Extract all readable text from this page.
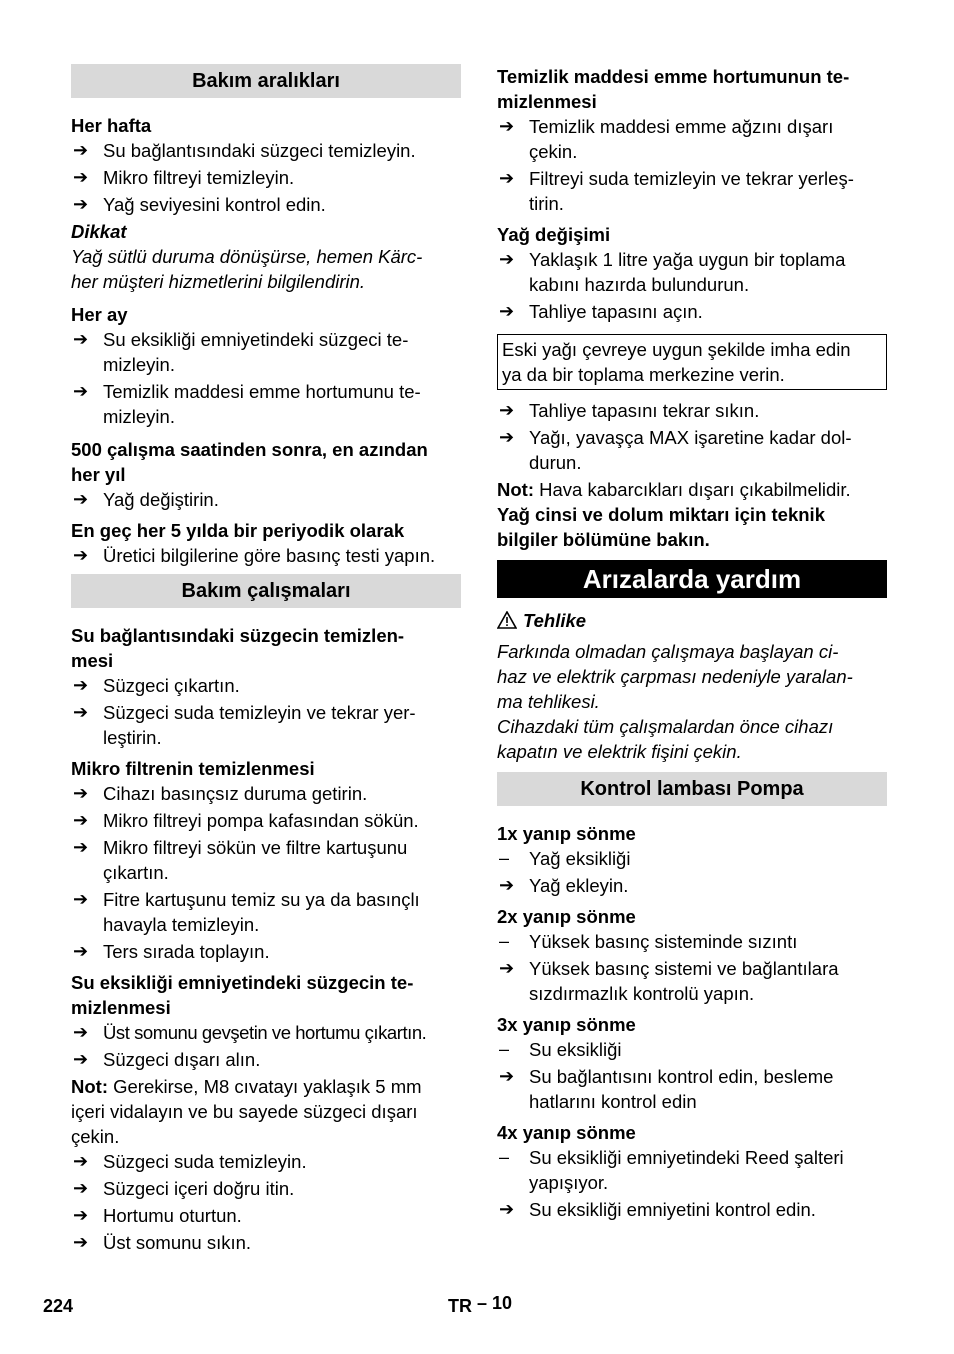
Bakım aralıkları
Her hafta
➔ Su bağlantısındaki süzgeci temizleyin.
➔ Mikro filtreyi temizleyin.
➔ Yağ seviyesini kontrol edin.

Dikkat

Yağ sütlü duruma dönüşürse, hemen Kärc-

her müşteri hizmetlerini bilgilendirin.

Her ay
➔ Su eksikliği emniyetindeki süzgeci te-
mizleyin.
➔ Temizlik maddesi emme hortumunu te-
mizleyin.
500 çalışma saatinden sonra, en azından
her yıl
➔ Yağ değiştirin.
En geç her 5 yılda bir periyodik olarak
➔ Üretici bilgilerine göre basınç testi yapın.
Bakım çalışmaları
Su bağlantısındaki süzgecin temizlen-
mesi
➔ Süzgeci çıkartın.
➔ Süzgeci suda temizleyin ve tekrar yer-
leştirin.
Mikro filtrenin temizlenmesi
➔ Cihazı basınçsız duruma getirin.
➔ Mikro filtreyi pompa kafasından sökün.
➔ Mikro filtreyi sökün ve filtre kartuşunu
çıkartın.
➔ Fitre kartuşunu temiz su ya da basınçlı
havayla temizleyin.
➔ Ters sırada toplayın.
Su eksikliği emniyetindeki süzgecin te-
mizlenmesi
➔ Üst somunu gevşetin ve hortumu çıkartın.
➔ Süzgeci dışarı alın.

Not: Gerekirse, M8 cıvatayı yaklaşık 5 mm
içeri vidalayın ve bu sayede süzgeci dışarı
çekin.

➔ Süzgeci suda temizleyin.
➔ Süzgeci içeri doğru itin.
➔ Hortumu oturtun.
➔ Üst somunu sıkın.
Temizlik maddesi emme hortumunun te-
mizlenmesi
➔ Temizlik maddesi emme ağzını dışarı
çekin.
➔ Filtreyi suda temizleyin ve tekrar yerleş-
tirin.
Yağ değişimi
➔ Yaklaşık 1 litre yağa uygun bir toplama
kabını hazırda bulundurun.
➔ Tahliye tapasını açın.
Eski yağı çevreye uygun şekilde imha edin
ya da bir toplama merkezine verin.
➔ Tahliye tapasını tekrar sıkın.
➔ Yağı, yavaşça MAX işaretine kadar dol-
durun.

Not: Hava kabarcıkları dışarı çıkabilmelidir.

Yağ cinsi ve dolum miktarı için teknik
bilgiler bölümüne bakın.

Arızalarda yardım

Tehlike

Farkında olmadan çalışmaya başlayan ci-

haz ve elektrik çarpması nedeniyle yaralan-

ma tehlikesi.

Cihazdaki tüm çalışmalardan önce cihazı

kapatın ve elektrik fişini çekin.

Kontrol lambası Pompa
1x yanıp sönme
– Yağ eksikliği
➔ Yağ ekleyin.
2x yanıp sönme
– Yüksek basınç sisteminde sızıntı
➔ Yüksek basınç sistemi ve bağlantılara
sızdırmazlık kontrolü yapın.
3x yanıp sönme
– Su eksikliği
➔ Su bağlantısını kontrol edin, besleme
hatlarını kontrol edin
4x yanıp sönme
– Su eksikliği emniyetindeki Reed şalteri
yapışıyor.
➔ Su eksikliği emniyetini kontrol edin.
224	TR – 10
